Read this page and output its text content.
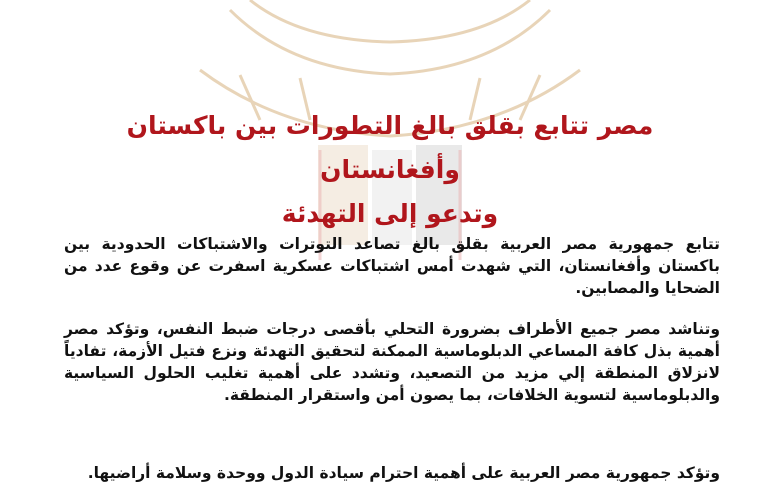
مصر تتابع بقلق بالغ التطورات بين باكستان وأفغانستان
وتدعو إلى التهدئة

تتابع جمهورية مصر العربية بقلق بالغ تصاعد التوترات والاشتباكات الحدودية بين باكستان وأفغانستان، التي شهدت أمس اشتباكات عسكرية اسفرت عن وقوع عدد من الضحايا والمصابين.

وتناشد مصر جميع الأطراف بضرورة التحلي بأقصى درجات ضبط النفس، وتؤكد مصر أهمية بذل كافة المساعي الدبلوماسية الممكنة لتحقيق التهدئة ونزع فتيل الأزمة، تفادياً لانزلاق المنطقة إلي مزيد من التصعيد، وتشدد على أهمية تغليب الحلول السياسية والدبلوماسية لتسوية الخلافات، بما يصون أمن واستقرار المنطقة.

وتؤكد جمهورية مصر العربية على أهمية احترام سيادة الدول ووحدة وسلامة أراضيها.
